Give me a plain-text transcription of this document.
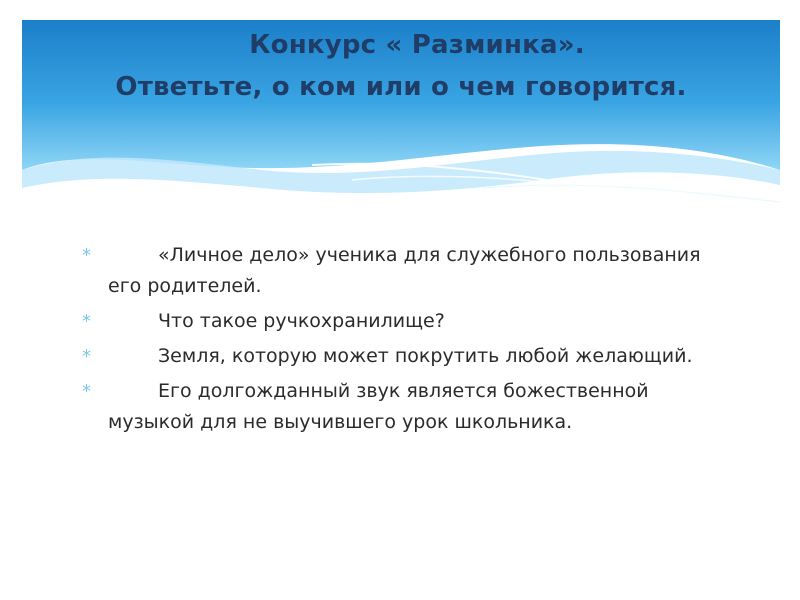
Конкурс « Разминка».
Ответьте, о ком или о чем говорится.
*	«Личное дело» ученика для служебного пользования его родителей.
*	Что такое ручкохранилище?
*	Земля, которую может покрутить любой желающий.
*	Его долгожданный звук является божественной музыкой для не выучившего урок школьника.
